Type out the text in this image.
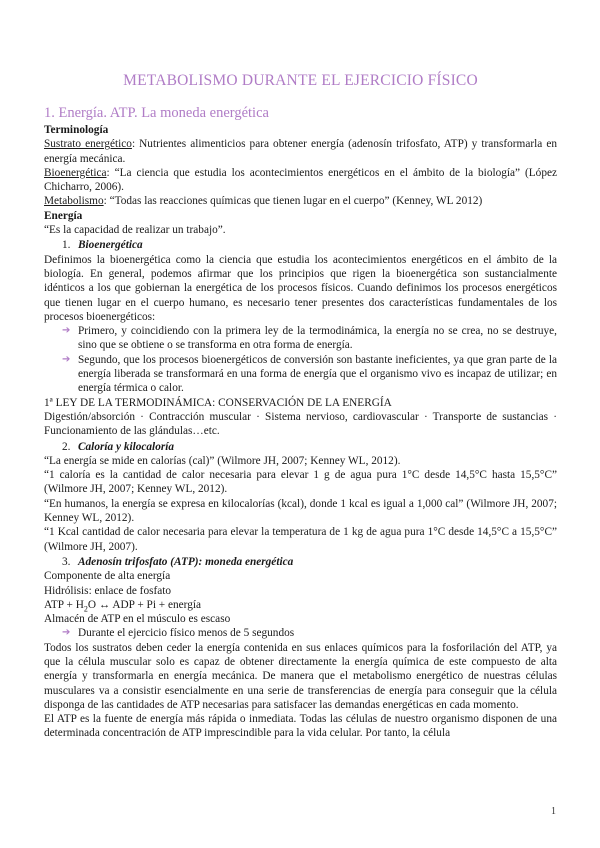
METABOLISMO DURANTE EL EJERCICIO FÍSICO
1. Energía. ATP. La moneda energética

Terminología

Sustrato energético: Nutrientes alimenticios para obtener energía (adenosín trifosfato, ATP) y transformarla en energía mecánica.

Bioenergética: “La ciencia que estudia los acontecimientos energéticos en el ámbito de la biología” (López Chicharro, 2006).

Metabolismo: “Todas las reacciones químicas que tienen lugar en el cuerpo” (Kenney, WL 2012)

Energía

“Es la capacidad de realizar un trabajo”.

1. Bioenergética

Definimos la bioenergética como la ciencia que estudia los acontecimientos energéticos en el ámbito de la biología. En general, podemos afirmar que los principios que rigen la bioenergética son sustancialmente idénticos a los que gobiernan la energética de los procesos físicos. Cuando definimos los procesos energéticos que tienen lugar en el cuerpo humano, es necesario tener presentes dos características fundamentales de los procesos bioenergéticos:

➔ Primero, y coincidiendo con la primera ley de la termodinámica, la energía no se crea, no se destruye, sino que se obtiene o se transforma en otra forma de energía.
➔ Segundo, que los procesos bioenergéticos de conversión son bastante ineficientes, ya que gran parte de la energía liberada se transformará en una forma de energía que el organismo vivo es incapaz de utilizar; en energía térmica o calor.

1ª LEY DE LA TERMODINÁMICA: CONSERVACIÓN DE LA ENERGÍA

Digestión/absorción · Contracción muscular · Sistema nervioso, cardiovascular · Transporte de sustancias · Funcionamiento de las glándulas…etc.

2. Caloría y kilocaloría

“La energía se mide en calorías (cal)” (Wilmore JH, 2007; Kenney WL, 2012).

“1 caloría es la cantidad de calor necesaria para elevar 1 g de agua pura 1°C desde 14,5°C hasta 15,5°C” (Wilmore JH, 2007; Kenney WL, 2012).

“En humanos, la energía se expresa en kilocalorías (kcal), donde 1 kcal es igual a 1,000 cal” (Wilmore JH, 2007; Kenney WL, 2012).

“1 Kcal cantidad de calor necesaria para elevar la temperatura de 1 kg de agua pura 1°C desde 14,5°C a 15,5°C” (Wilmore JH, 2007).

3. Adenosín trifosfato (ATP): moneda energética

Componente de alta energía

Hidrólisis: enlace de fosfato

ATP + $H_2O$ ↔ ADP + Pi + energía

Almacén de ATP en el músculo es escaso

➔ Durante el ejercicio físico menos de 5 segundos

Todos los sustratos deben ceder la energía contenida en sus enlaces químicos para la fosforilación del ATP, ya que la célula muscular solo es capaz de obtener directamente la energía química de este compuesto de alta energía y transformarla en energía mecánica. De manera que el metabolismo energético de nuestras células musculares va a consistir esencialmente en una serie de transferencias de energía para conseguir que la célula disponga de las cantidades de ATP necesarias para satisfacer las demandas energéticas en cada momento.

El ATP es la fuente de energía más rápida o inmediata. Todas las células de nuestro organismo disponen de una determinada concentración de ATP imprescindible para la vida celular. Por tanto, la célula

1
